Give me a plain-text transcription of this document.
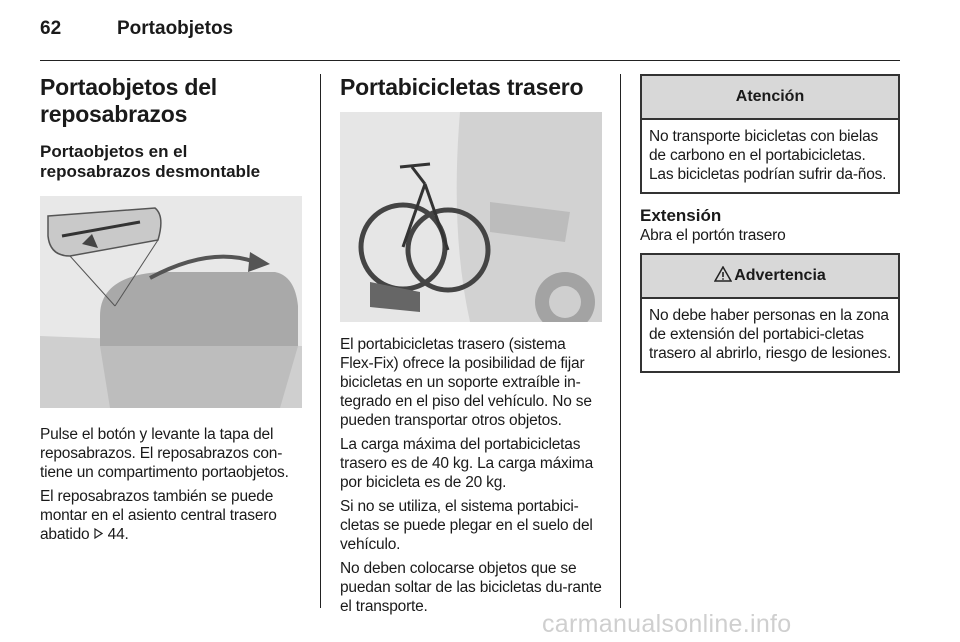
62	Portaobjetos
Portaobjetos del reposabrazos
Portaobjetos en el reposabrazos desmontable

Pulse el botón y levante la tapa del reposabrazos. El reposabrazos con-tiene un compartimento portaobjetos.

El reposabrazos también se puede montar en el asiento central trasero abatido 44.

Portabicicletas trasero

El portabicicletas trasero (sistema Flex-Fix) ofrece la posibilidad de fijar bicicletas en un soporte extraíble in-tegrado en el piso del vehículo. No se pueden transportar otros objetos.

La carga máxima del portabicicletas trasero es de 40 kg. La carga máxima por bicicleta es de 20 kg.

Si no se utiliza, el sistema portabici-cletas se puede plegar en el suelo del vehículo.

No deben colocarse objetos que se puedan soltar de las bicicletas du-rante el transporte.

Atención

No transporte bicicletas con bielas de carbono en el portabicicletas. Las bicicletas podrían sufrir da-ños.

Extensión

Abra el portón trasero

Advertencia

No debe haber personas en la zona de extensión del portabici-cletas trasero al abrirlo, riesgo de lesiones.

carmanualsonline.info
